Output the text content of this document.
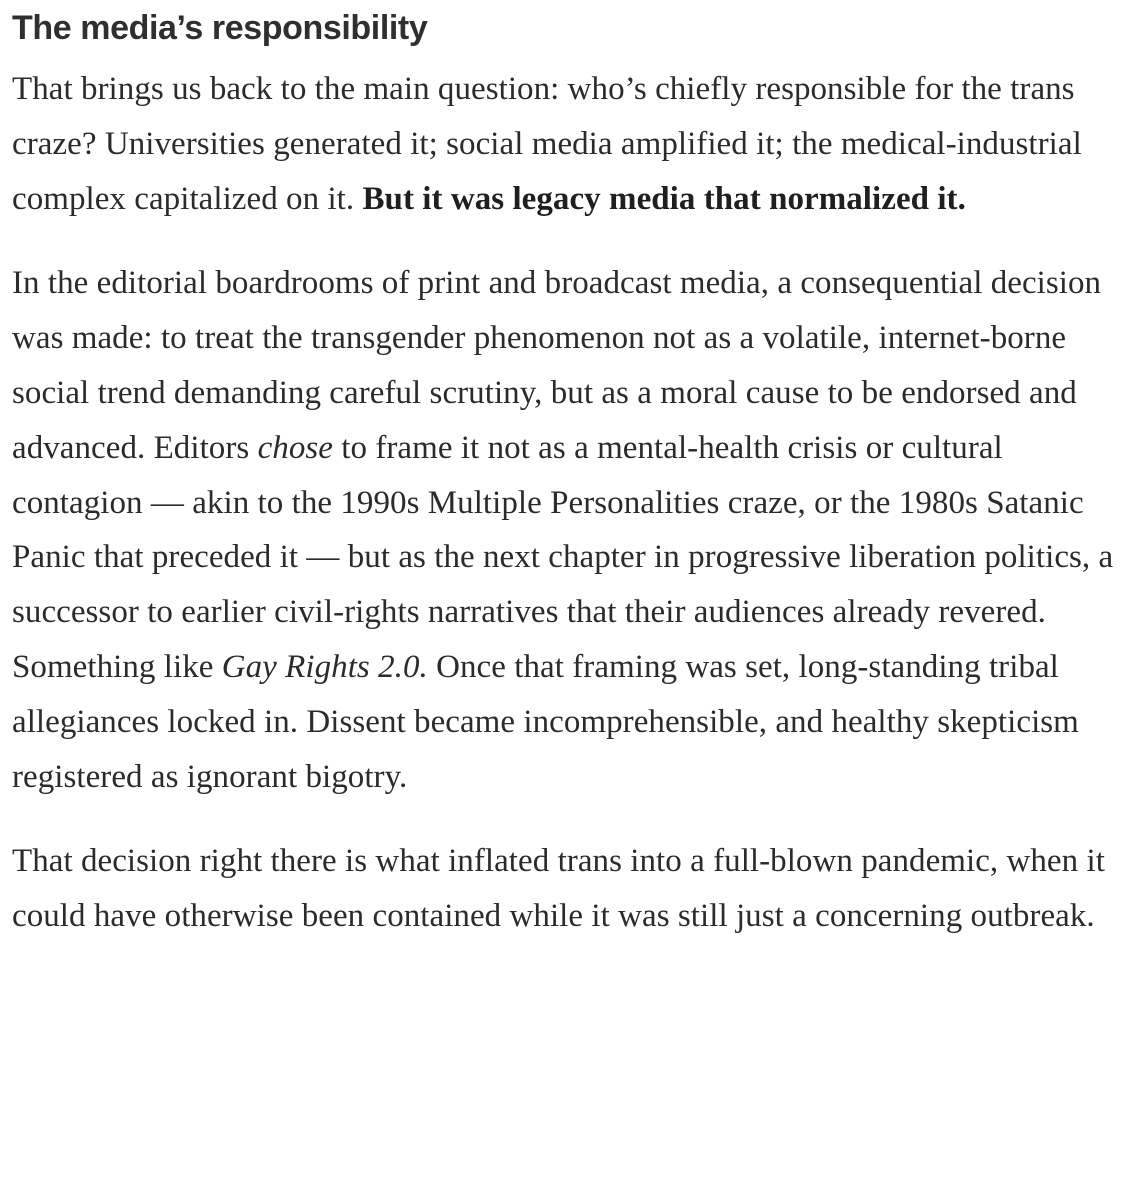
The media’s responsibility

That brings us back to the main question: who’s chiefly responsible for the trans craze? Universities generated it; social media amplified it; the medical-industrial complex capitalized on it. But it was legacy media that normalized it.

In the editorial boardrooms of print and broadcast media, a consequential decision was made: to treat the transgender phenomenon not as a volatile, internet-borne social trend demanding careful scrutiny, but as a moral cause to be endorsed and advanced. Editors chose to frame it not as a mental-health crisis or cultural contagion — akin to the 1990s Multiple Personalities craze, or the 1980s Satanic Panic that preceded it — but as the next chapter in progressive liberation politics, a successor to earlier civil-rights narratives that their audiences already revered. Something like Gay Rights 2.0. Once that framing was set, long-standing tribal allegiances locked in. Dissent became incomprehensible, and healthy skepticism registered as ignorant bigotry.

That decision right there is what inflated trans into a full-blown pandemic, when it could have otherwise been contained while it was still just a concerning outbreak.
